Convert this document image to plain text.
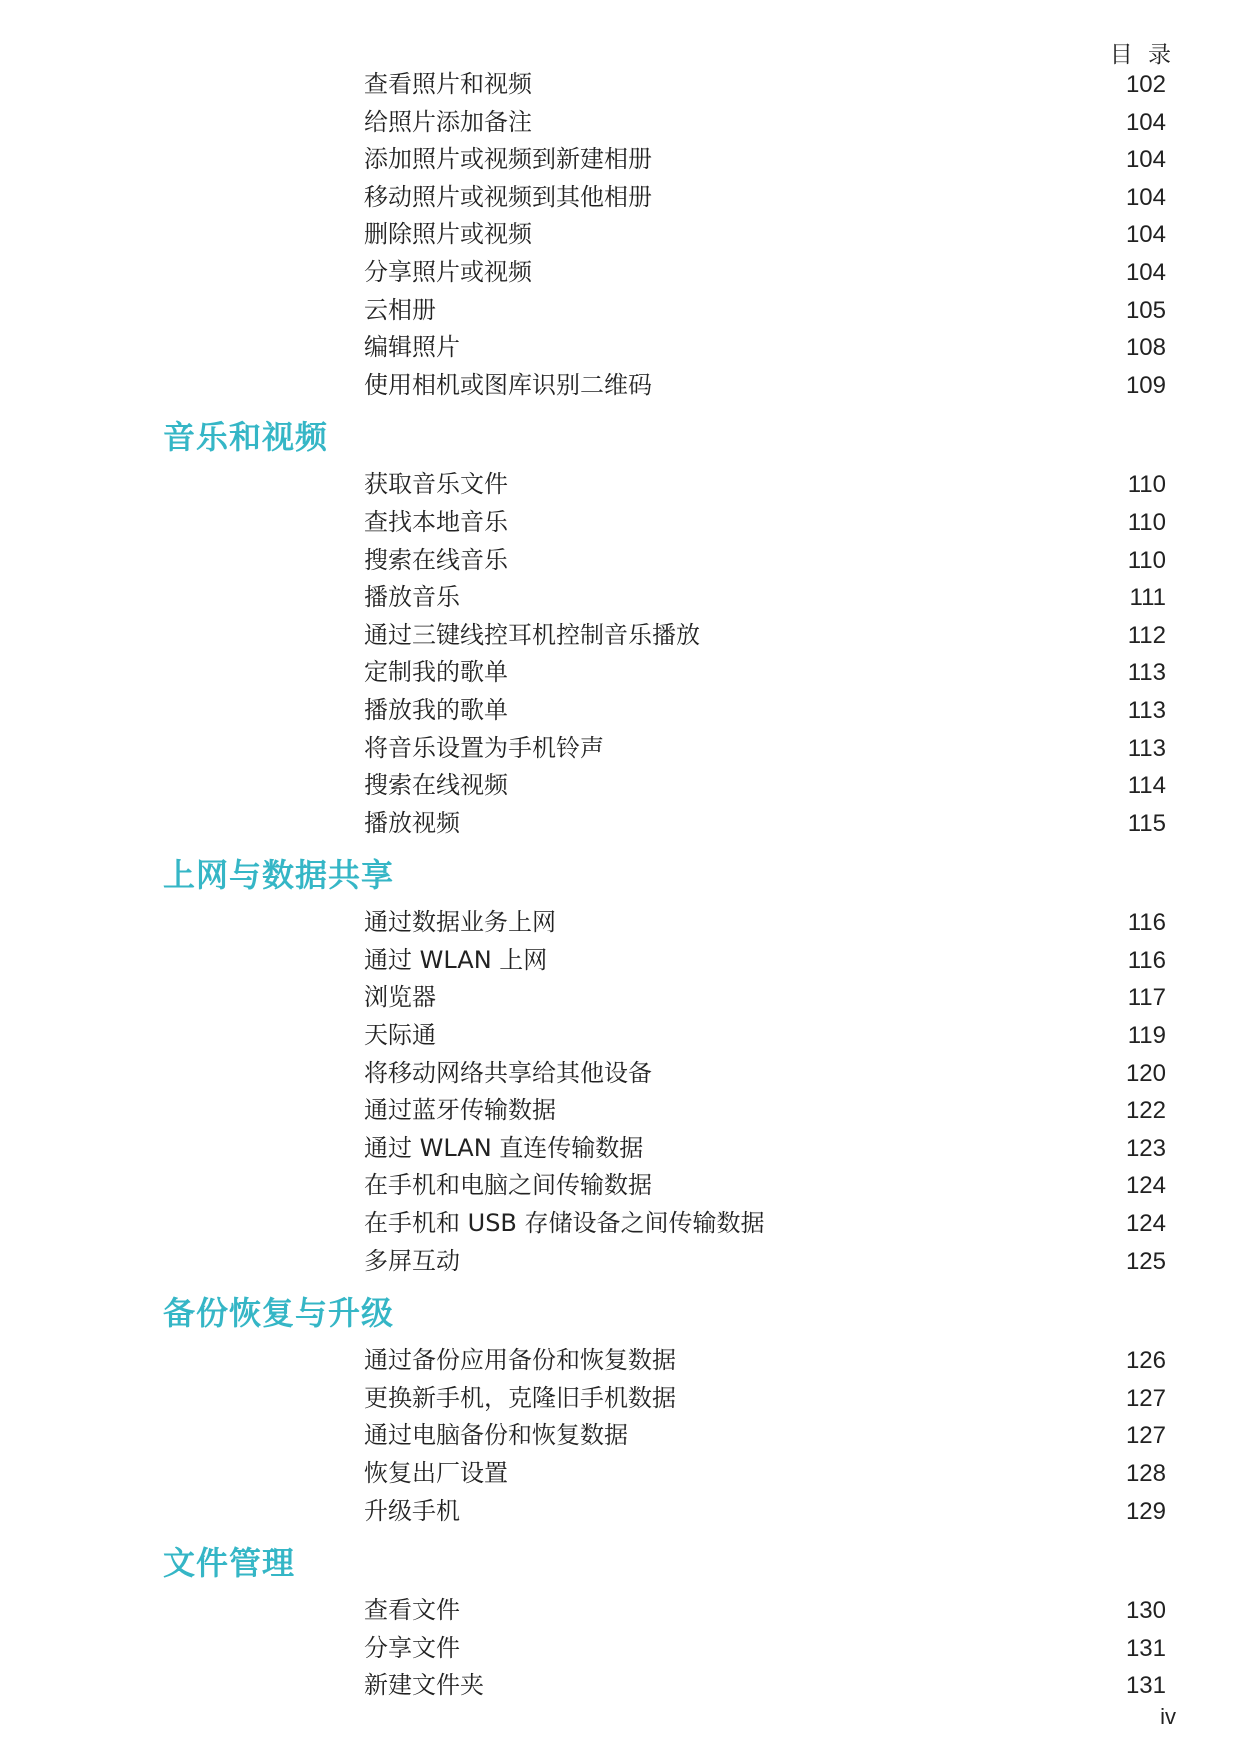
目 录
查看照片和视频	102
给照片添加备注	104
添加照片或视频到新建相册	104
移动照片或视频到其他相册	104
删除照片或视频	104
分享照片或视频	104
云相册	105
编辑照片	108
使用相机或图库识别二维码	109
音乐和视频
获取音乐文件	110
查找本地音乐	110
搜索在线音乐	110
播放音乐	111
通过三键线控耳机控制音乐播放	112
定制我的歌单	113
播放我的歌单	113
将音乐设置为手机铃声	113
搜索在线视频	114
播放视频	115
上网与数据共享
通过数据业务上网	116
通过 WLAN 上网	116
浏览器	117
天际通	119
将移动网络共享给其他设备	120
通过蓝牙传输数据	122
通过 WLAN 直连传输数据	123
在手机和电脑之间传输数据	124
在手机和 USB 存储设备之间传输数据	124
多屏互动	125
备份恢复与升级
通过备份应用备份和恢复数据	126
更换新手机，克隆旧手机数据	127
通过电脑备份和恢复数据	127
恢复出厂设置	128
升级手机	129
文件管理
查看文件	130
分享文件	131
新建文件夹	131
iv
